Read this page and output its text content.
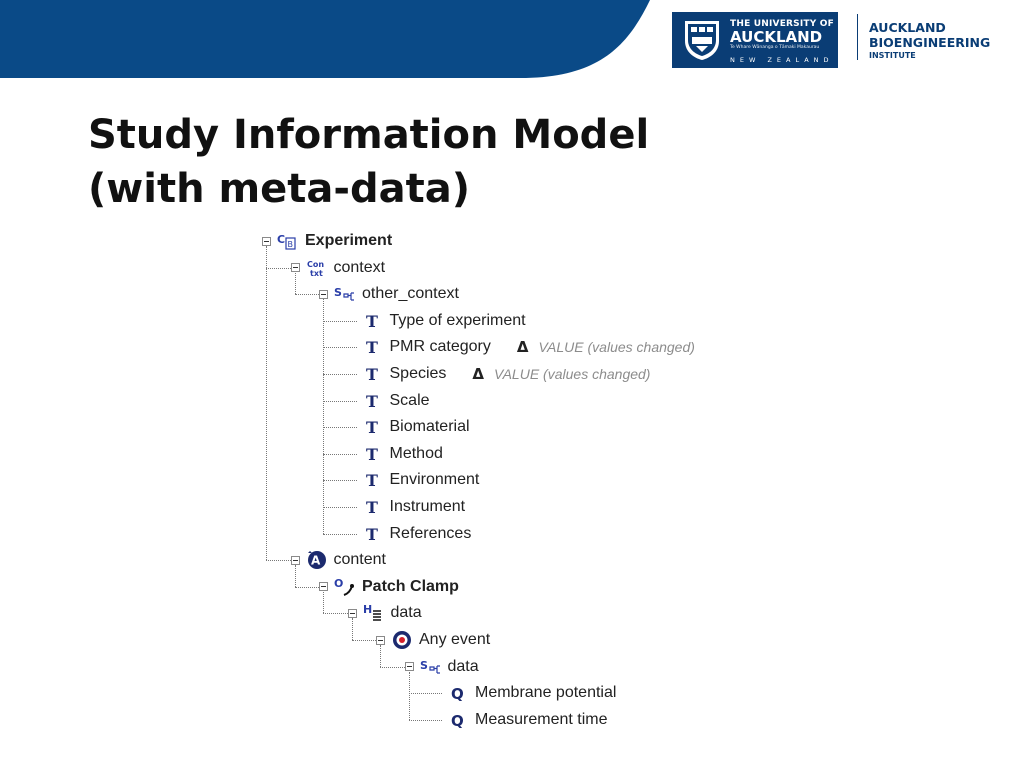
THE UNIVERSITY OF
AUCKLAND
Te Whare Wānanga o Tāmaki Makaurau
NEW ZEALAND
AUCKLAND
BIOENGINEERING
INSTITUTE
Study Information Model
(with meta-data)
C B Experiment
Con
txt context
S other_context
T Type of experiment
T PMR category Δ VALUE (values changed)
T Species Δ VALUE (values changed)
T Scale
T Biomaterial
T Method
T Environment
T Instrument
T References
A content
O Patch Clamp
H data
Any event
S data
Q Membrane potential
Q Measurement time
